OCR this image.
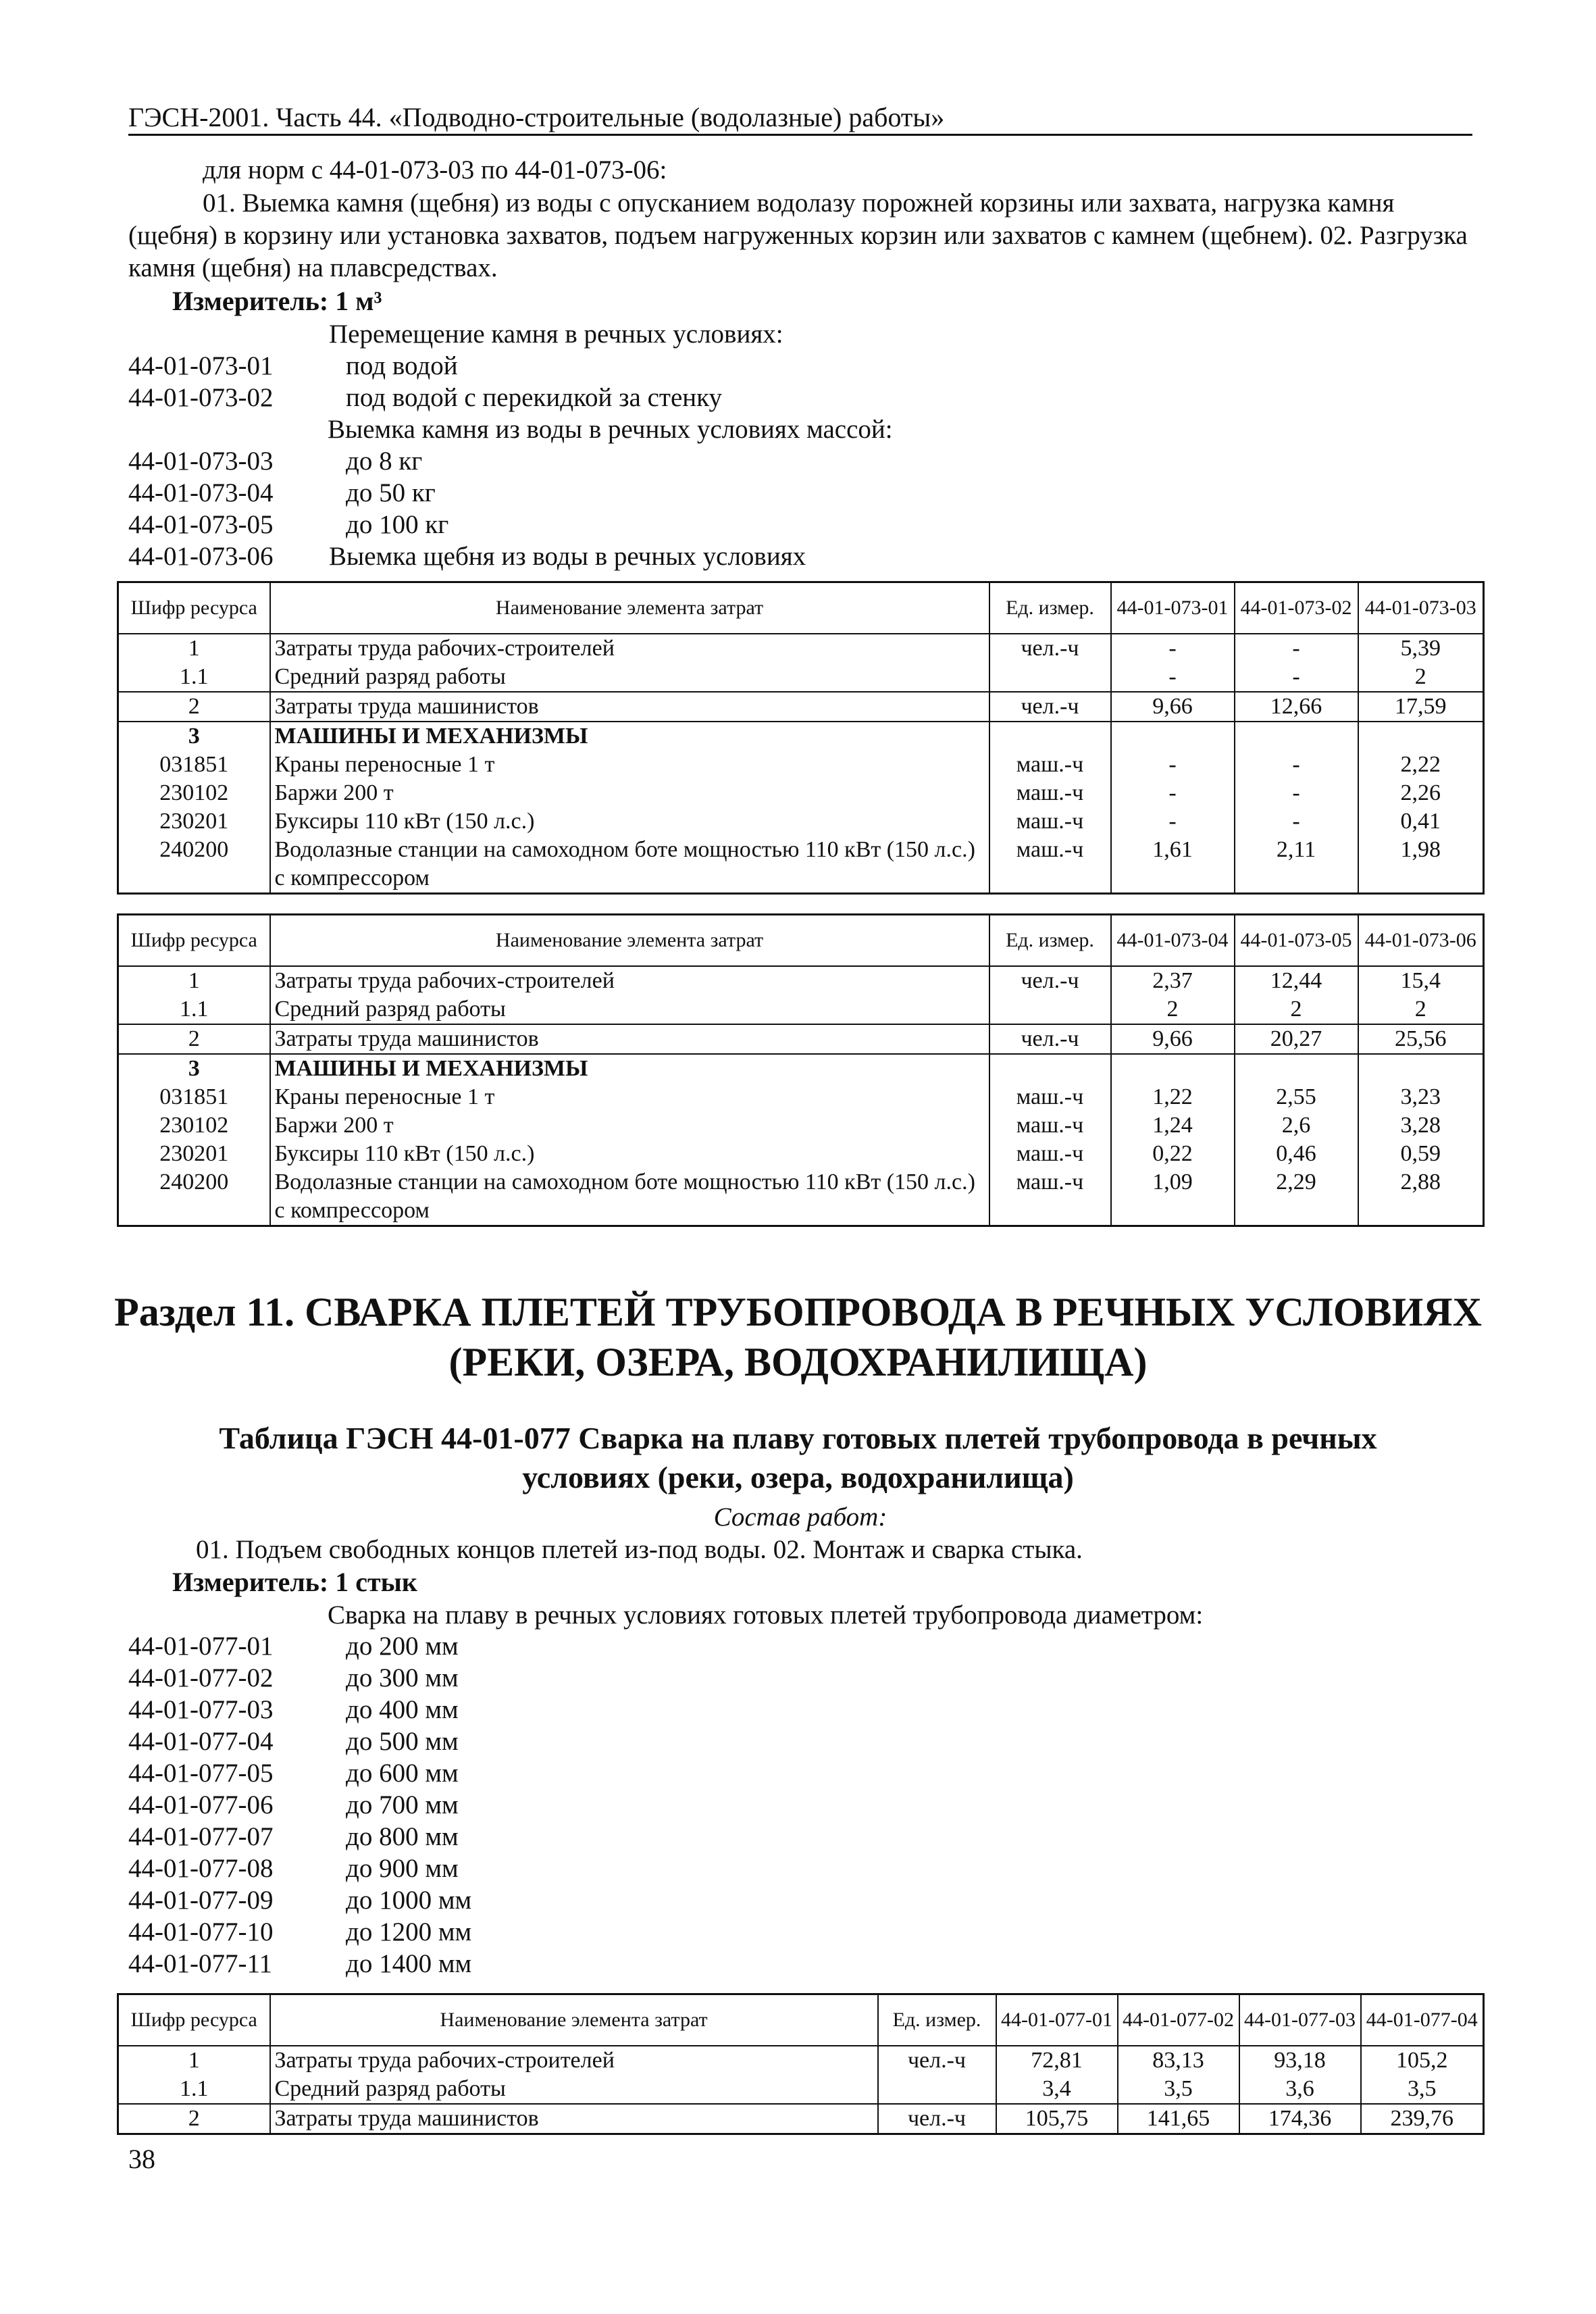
ГЭСН-2001. Часть 44. «Подводно-строительные (водолазные) работы»
для норм с 44-01-073-03 по 44-01-073-06:
01. Выемка камня (щебня) из воды с опусканием водолазу порожней корзины или захвата, нагрузка камня (щебня) в корзину или установка захватов, подъем нагруженных корзин или захватов с камнем (щебнем). 02. Разгрузка камня (щебня) на плавсредствах.
Измеритель: 1 м³
Перемещение камня в речных условиях:
44-01-073-01	под водой
44-01-073-02	под водой с перекидкой за стенку
Выемка камня из воды в речных условиях массой:
44-01-073-03	до 8 кг
44-01-073-04	до 50 кг
44-01-073-05	до 100 кг
44-01-073-06 Выемка щебня из воды в речных условиях
Шифр ресурса	Наименование элемента затрат	Ед. измер.	44-01-073-01	44-01-073-02	44-01-073-03
1	Затраты труда рабочих-строителей	чел.-ч	-	-	5,39
1.1	Средний разряд работы		-	-	2
2	Затраты труда машинистов	чел.-ч	9,66	12,66	17,59
3	МАШИНЫ И МЕХАНИЗМЫ				
031851	Краны переносные 1 т	маш.-ч	-	-	2,22
230102	Баржи 200 т	маш.-ч	-	-	2,26
230201	Буксиры 110 кВт (150 л.с.)	маш.-ч	-	-	0,41
240200	Водолазные станции на самоходном боте мощностью 110 кВт (150 л.с.) с компрессором	маш.-ч	1,61	2,11	1,98
Шифр ресурса	Наименование элемента затрат	Ед. измер.	44-01-073-04	44-01-073-05	44-01-073-06
1	Затраты труда рабочих-строителей	чел.-ч	2,37	12,44	15,4
1.1	Средний разряд работы		2	2	2
2	Затраты труда машинистов	чел.-ч	9,66	20,27	25,56
3	МАШИНЫ И МЕХАНИЗМЫ				
031851	Краны переносные 1 т	маш.-ч	1,22	2,55	3,23
230102	Баржи 200 т	маш.-ч	1,24	2,6	3,28
230201	Буксиры 110 кВт (150 л.с.)	маш.-ч	0,22	0,46	0,59
240200	Водолазные станции на самоходном боте мощностью 110 кВт (150 л.с.) с компрессором	маш.-ч	1,09	2,29	2,88
Раздел 11. СВАРКА ПЛЕТЕЙ ТРУБОПРОВОДА В РЕЧНЫХ УСЛОВИЯХ
(РЕКИ, ОЗЕРА, ВОДОХРАНИЛИЩА)
Таблица ГЭСН 44-01-077 Сварка на плаву готовых плетей трубопровода в речных
условиях (реки, озера, водохранилища)
Состав работ:
01. Подъем свободных концов плетей из-под воды. 02. Монтаж и сварка стыка.
Измеритель: 1 стык
Сварка на плаву в речных условиях готовых плетей трубопровода диаметром:
44-01-077-01	до 200 мм
44-01-077-02	до 300 мм
44-01-077-03	до 400 мм
44-01-077-04	до 500 мм
44-01-077-05	до 600 мм
44-01-077-06	до 700 мм
44-01-077-07	до 800 мм
44-01-077-08	до 900 мм
44-01-077-09	до 1000 мм
44-01-077-10	до 1200 мм
44-01-077-11	до 1400 мм
Шифр ресурса	Наименование элемента затрат	Ед. измер.	44-01-077-01	44-01-077-02	44-01-077-03	44-01-077-04
1	Затраты труда рабочих-строителей	чел.-ч	72,81	83,13	93,18	105,2
1.1	Средний разряд работы		3,4	3,5	3,6	3,5
2	Затраты труда машинистов	чел.-ч	105,75	141,65	174,36	239,76
38
